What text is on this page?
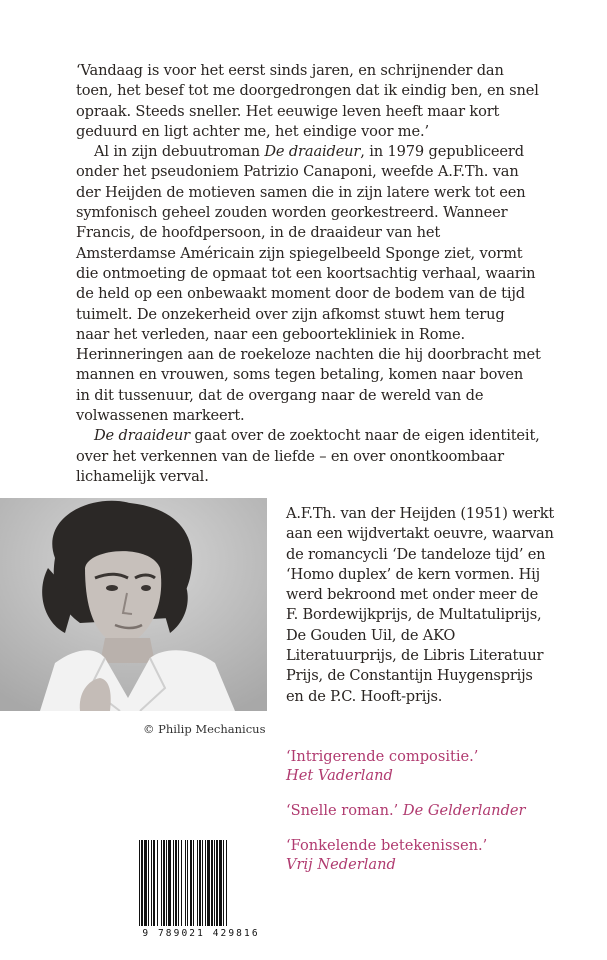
‘Vandaag is voor het eerst sinds jaren, en schrijnender dan toen, het besef tot me doorgedrongen dat ik eindig ben, en snel opraak. Steeds sneller. Het eeuwige leven heeft maar kort geduurd en ligt achter me, het eindige voor me.’

Al in zijn debuutroman De draaideur, in 1979 gepubliceerd onder het pseudoniem Patrizio Canaponi, weefde A.F.Th. van der Heijden de motieven samen die in zijn latere werk tot een symfonisch geheel zouden worden georkestreerd. Wanneer Francis, de hoofdpersoon, in de draaideur van het Amsterdamse Américain zijn spiegelbeeld Sponge ziet, vormt die ontmoeting de opmaat tot een koortsachtig verhaal, waarin de held op een onbewaakt moment door de bodem van de tijd tuimelt. De onzekerheid over zijn afkomst stuwt hem terug naar het verleden, naar een geboortekliniek in Rome. Herinneringen aan de roekeloze nachten die hij doorbracht met mannen en vrouwen, soms tegen betaling, komen naar boven in dit tussenuur, dat de overgang naar de wereld van de volwassenen markeert.

De draaideur gaat over de zoektocht naar de eigen identiteit, over het verkennen van de liefde – en over onontkoombaar lichamelijk verval.

© Philip Mechanicus
A.F.Th. van der Heijden (1951) werkt aan een wijdvertakt oeuvre, waarvan de romancycli ‘De tandeloze tijd’ en ‘Homo duplex’ de kern vormen. Hij werd bekroond met onder meer de F. Bordewijkprijs, de Multatuliprijs, De Gouden Uil, de AKO Literatuurprijs, de Libris Literatuur Prijs, de Constantijn Huygensprijs en de P.C. Hooft-prijs.
‘Intrigerende compositie.’
Het Vaderland
‘Snelle roman.’ De Gelderlander
‘Fonkelende betekenissen.’
Vrij Nederland
9 789021 429816
